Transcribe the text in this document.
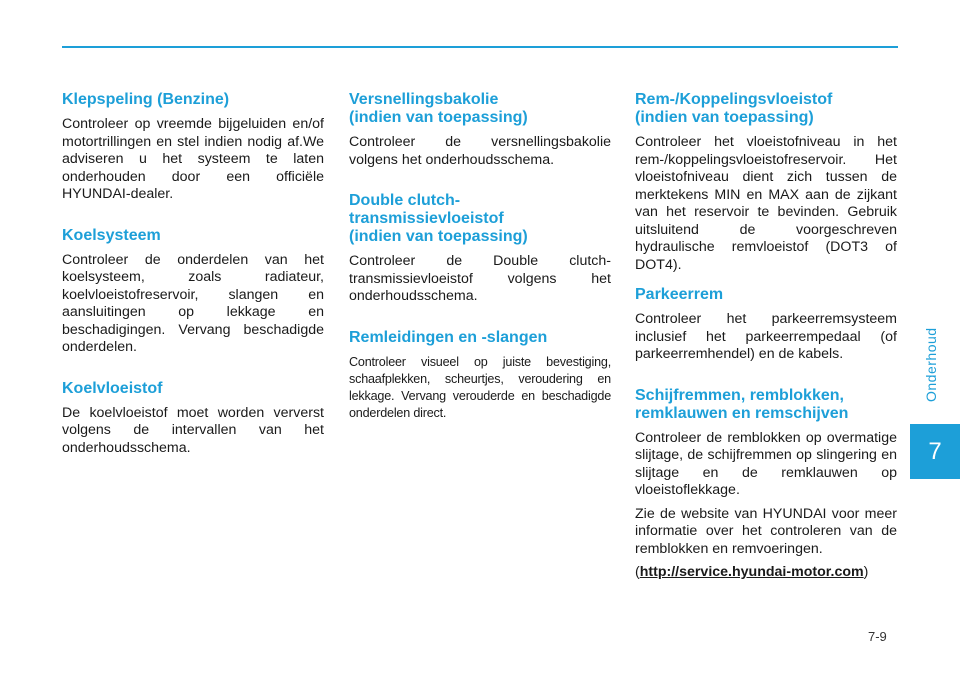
Klepspeling (Benzine)

Controleer op vreemde bijgeluiden en/of motortrillingen en stel indien nodig af.We adviseren u het systeem te laten onderhouden door een officiële HYUNDAI-dealer.

Koelsysteem

Controleer de onderdelen van het koelsysteem, zoals radiateur, koelvloeistofreservoir, slangen en aansluitingen op lekkage en beschadigingen. Vervang beschadigde onderdelen.

Koelvloeistof

De koelvloeistof moet worden ververst volgens de intervallen van het onderhoudsschema.

Versnellingsbakolie
(indien van toepassing)

Controleer de versnellingsbakolie volgens het onderhoudsschema.

Double clutch-
transmissievloeistof
(indien van toepassing)

Controleer de Double clutch-transmissievloeistof volgens het onderhoudsschema.

Remleidingen en -slangen

Controleer visueel op juiste bevestiging, schaafplekken, scheurtjes, veroudering en lekkage. Vervang verouderde en beschadigde onderdelen direct.

Rem-/Koppelingsvloeistof
(indien van toepassing)

Controleer het vloeistofniveau in het rem-/koppelingsvloeistofreservoir. Het vloeistofniveau dient zich tussen de merktekens MIN en MAX aan de zijkant van het reservoir te bevinden. Gebruik uitsluitend de voorgeschreven hydraulische remvloeistof (DOT3 of DOT4).

Parkeerrem

Controleer het parkeerremsysteem inclusief het parkeerrempedaal (of parkeerremhendel) en de kabels.

Schijfremmen, remblokken,
remklauwen en remschijven

Controleer de remblokken op overmatige slijtage, de schijfremmen op slingering en slijtage en de remklauwen op vloeistoflekkage.

Zie de website van HYUNDAI voor meer informatie over het controleren van de remblokken en remvoeringen.

(http://service.hyundai-motor.com)

Onderhoud
7
7-9
